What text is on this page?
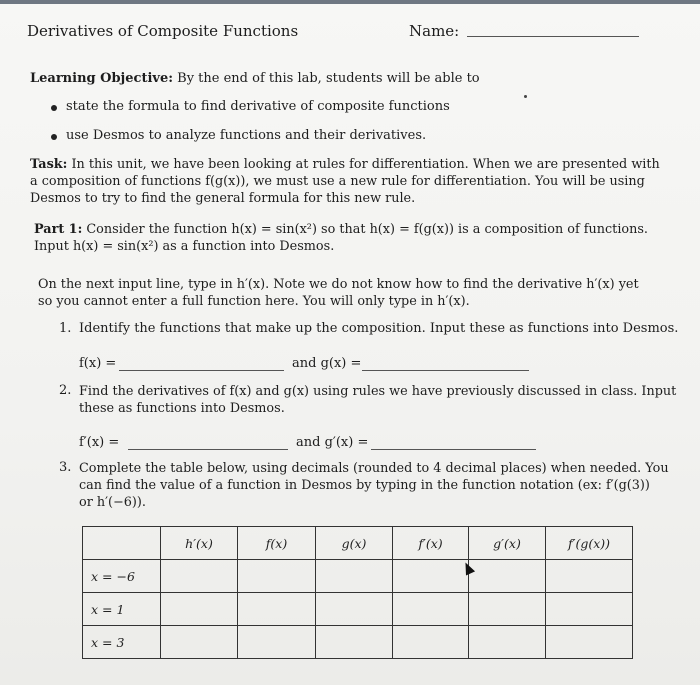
Derivatives of Composite Functions	Name:
Learning Objective: By the end of this lab, students will be able to
state the formula to find derivative of composite functions
use Desmos to analyze functions and their derivatives.
Task: In this unit, we have been looking at rules for differentiation. When we are presented with
a composition of functions f(g(x)), we must use a new rule for differentiation. You will be using
Desmos to try to find the general formula for this new rule.
Part 1: Consider the function h(x) = sin(x²) so that h(x) = f(g(x)) is a composition of functions.
Input h(x) = sin(x²) as a function into Desmos.
On the next input line, type in h′(x). Note we do not know how to find the derivative h′(x) yet
so you cannot enter a full function here. You will only type in h′(x).
1. Identify the functions that make up the composition. Input these as functions into Desmos.
f(x) =	and g(x) =
2. Find the derivatives of f(x) and g(x) using rules we have previously discussed in class. Input
these as functions into Desmos.
f′(x) =	and g′(x) =
3. Complete the table below, using decimals (rounded to 4 decimal places) when needed. You
can find the value of a function in Desmos by typing in the function notation (ex: f′(g(3))
or h′(−6)).
	h′(x)	f(x)	g(x)	f′(x)	g′(x)	f′(g(x))
x = −6						
x = 1						
x = 3						
